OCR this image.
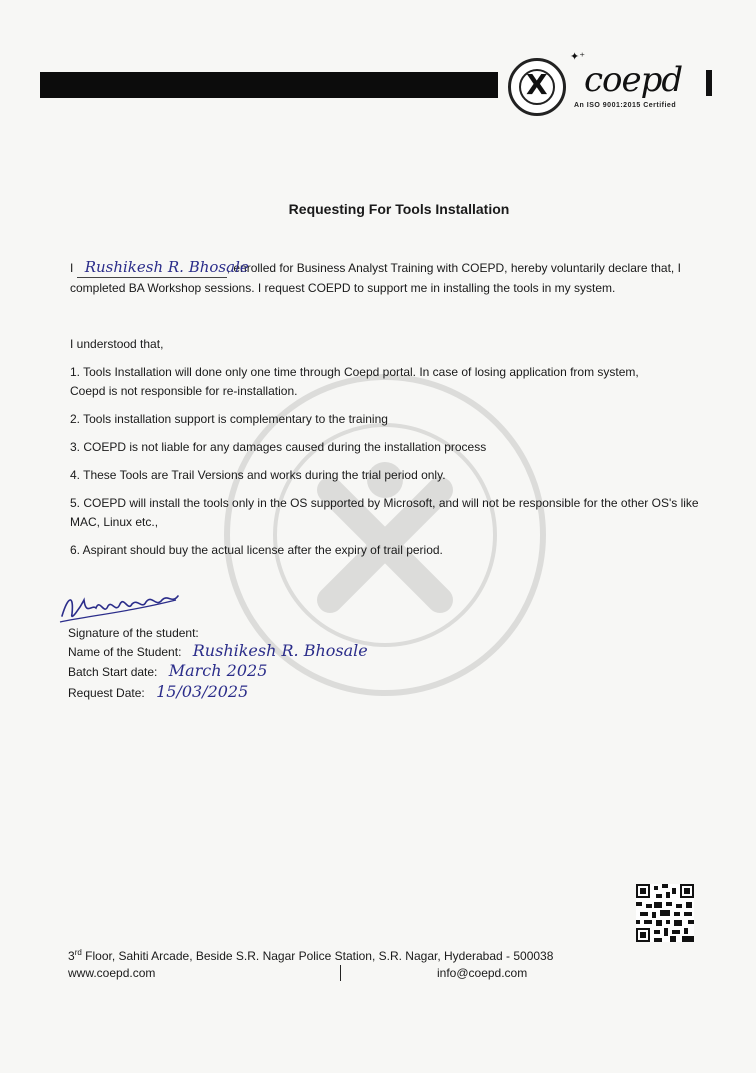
X
✦⁺
coepd
An ISO 9001:2015 Certified
Requesting For Tools Installation
I Rushikesh R. Bhosale
, enrolled for Business Analyst Training with COEPD, hereby voluntarily declare that, I
completed BA Workshop sessions. I request COEPD to support me in installing the tools in my system.
I understood that,
1. Tools Installation will done only one time through Coepd portal. In case of losing application from system,
Coepd is not responsible for re-installation.
2. Tools installation support is complementary to the training
3. COEPD is not liable for any damages caused during the installation process
4. These Tools are Trail Versions and works during the trial period only.
5. COEPD will install the tools only in the OS supported by Microsoft, and will not be responsible for the other OS's like
MAC, Linux etc.,
6. Aspirant should buy the actual license after the expiry of trail period.
Signature of the student:
Name of the Student: Rushikesh R. Bhosale
Batch Start date: March 2025
Request Date: 15/03/2025
3rd Floor, Sahiti Arcade, Beside S.R. Nagar Police Station, S.R. Nagar, Hyderabad - 500038
www.coepd.com	info@coepd.com
